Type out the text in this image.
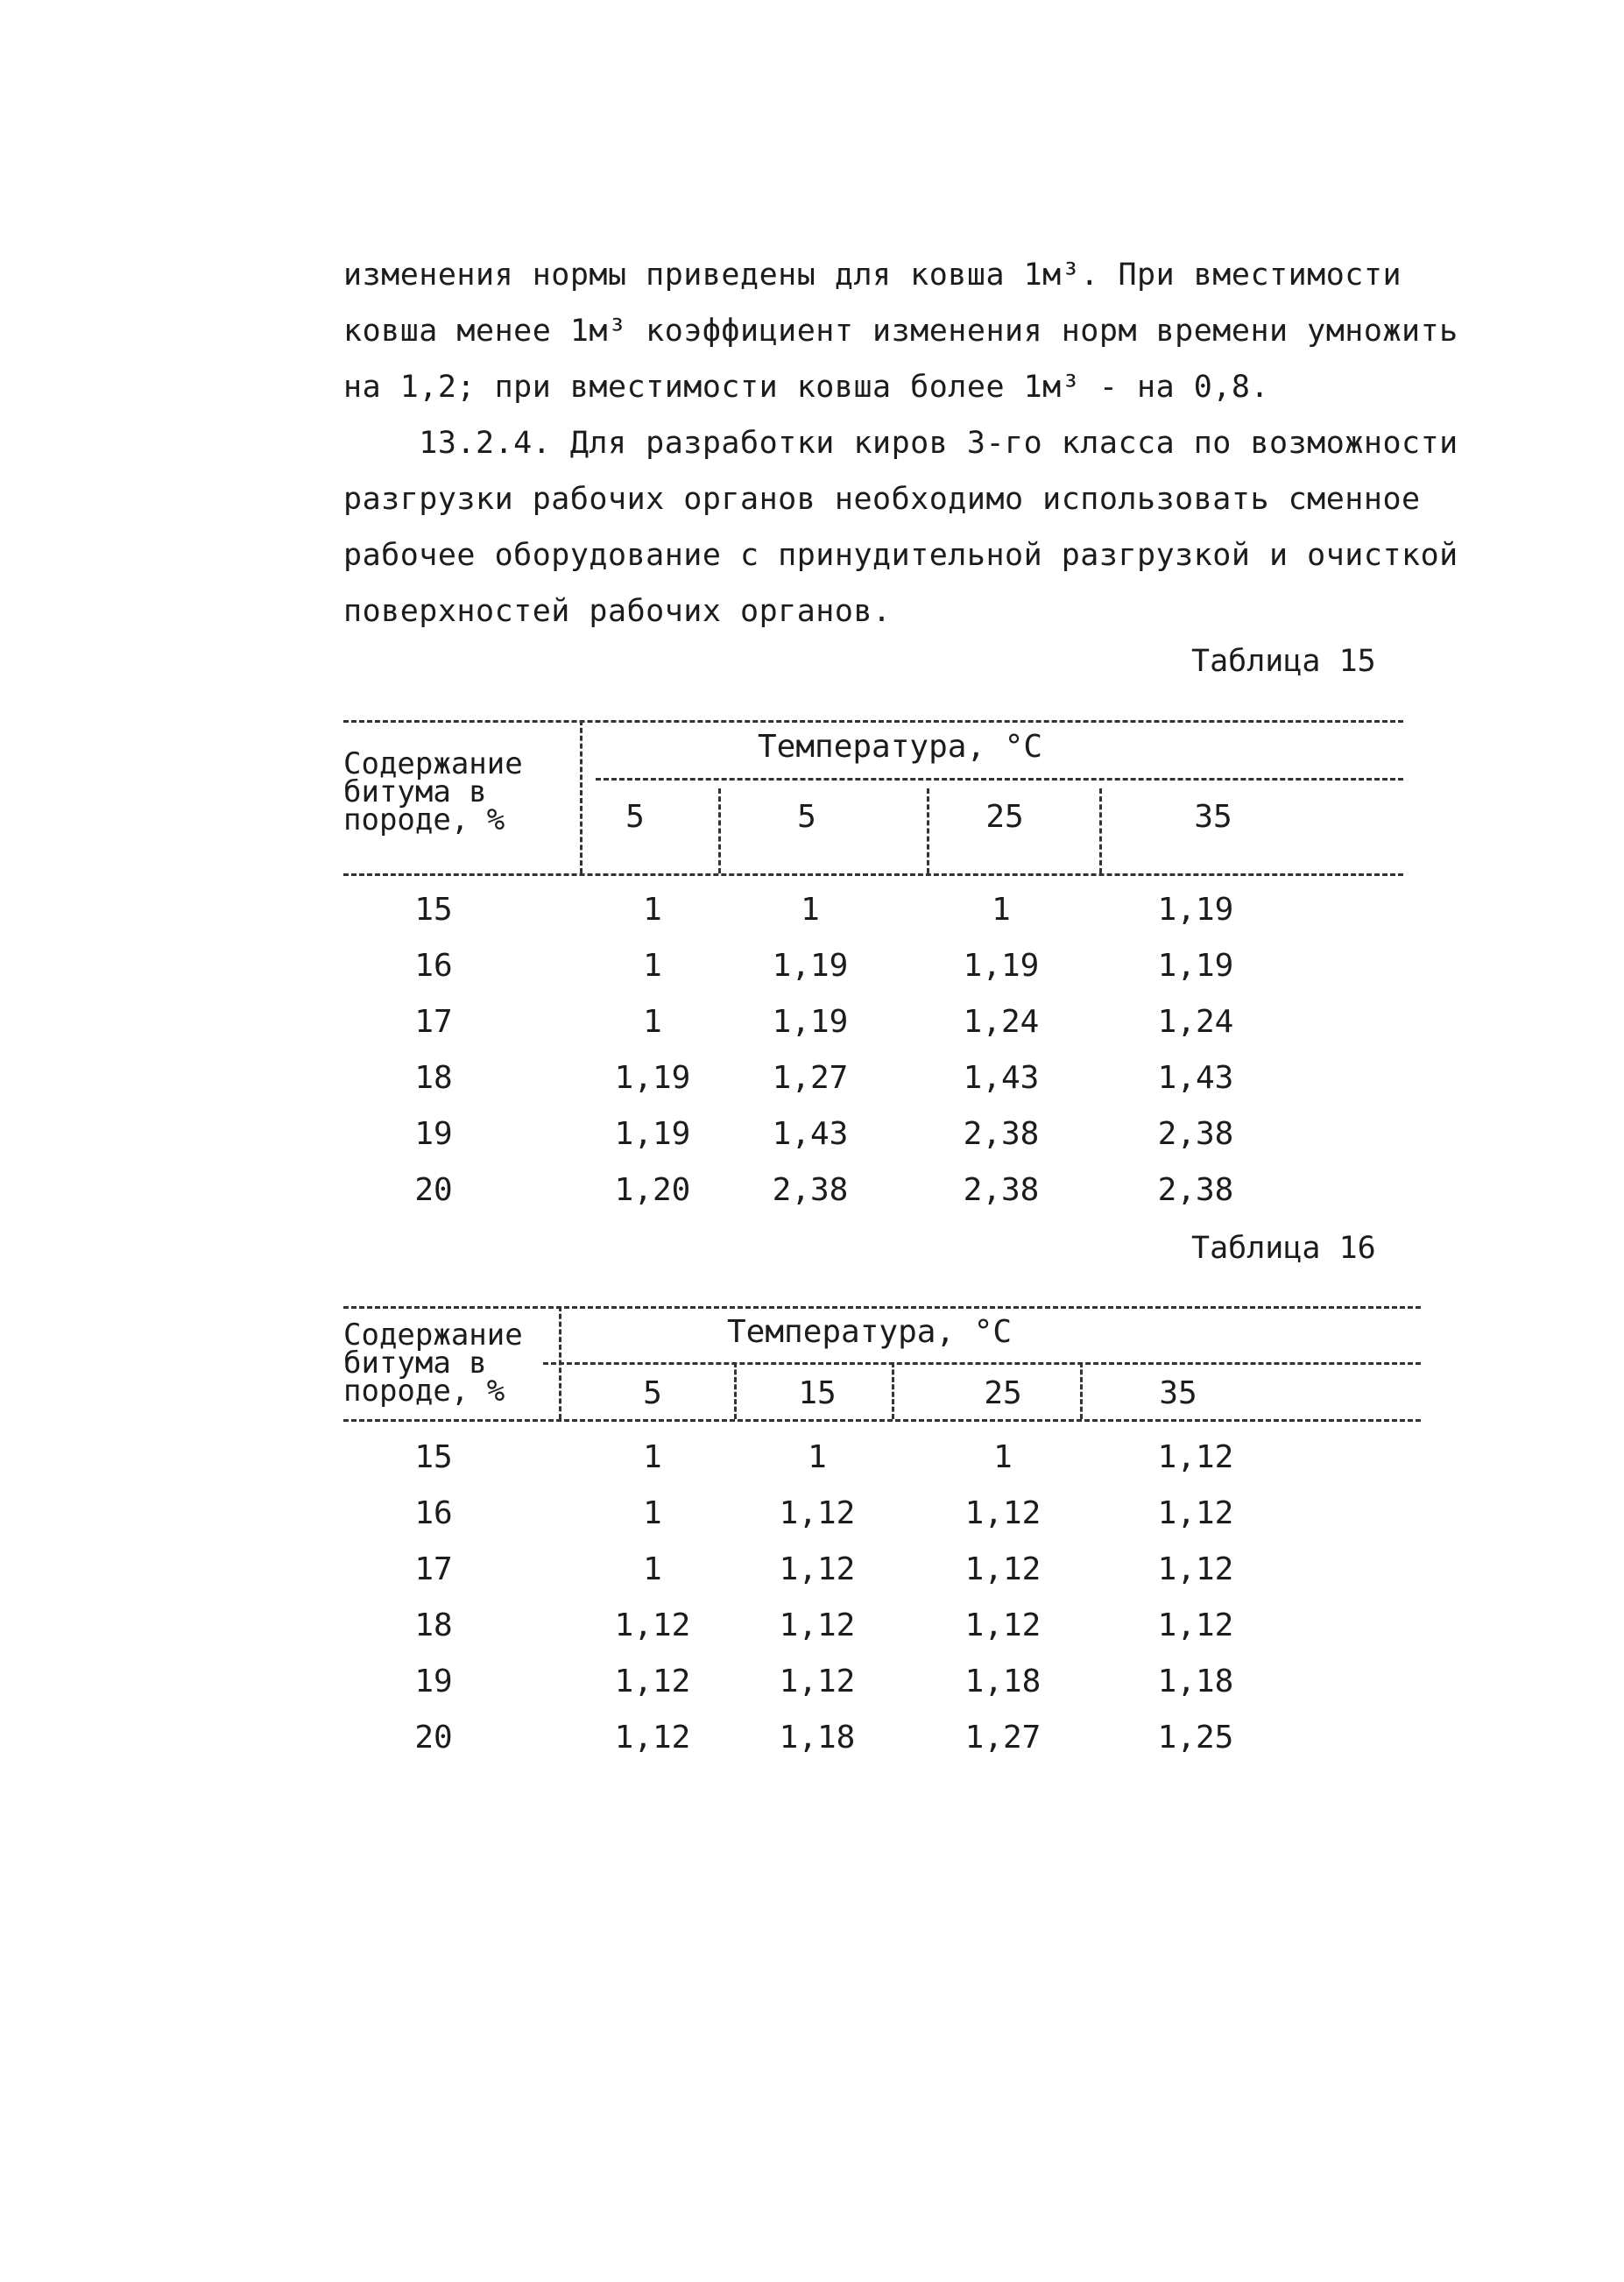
изменения нормы приведены для ковша 1м³. При вместимости

ковша менее 1м³ коэффициент изменения норм времени умножить

на 1,2; при вместимости ковша более 1м³ - на 0,8.

13.2.4. Для разработки киров 3-го класса по возможности

разгрузки рабочих органов необходимо использовать сменное

рабочее оборудование с принудительной разгрузкой и очисткой

поверхностей рабочих органов.

Таблица 15
Содержание
битума в
породе, %
Температура, °С
5	5	25	35
15	1	1	1	1,19
16	1	1,19	1,19	1,19
17	1	1,19	1,24	1,24
18	1,19	1,27	1,43	1,43
19	1,19	1,43	2,38	2,38
20	1,20	2,38	2,38	2,38
Таблица 16
Содержание
битума в
породе, %
Температура, °С
5	15	25	35
15	1	1	1	1,12
16	1	1,12	1,12	1,12
17	1	1,12	1,12	1,12
18	1,12	1,12	1,12	1,12
19	1,12	1,12	1,18	1,18
20	1,12	1,18	1,27	1,25
